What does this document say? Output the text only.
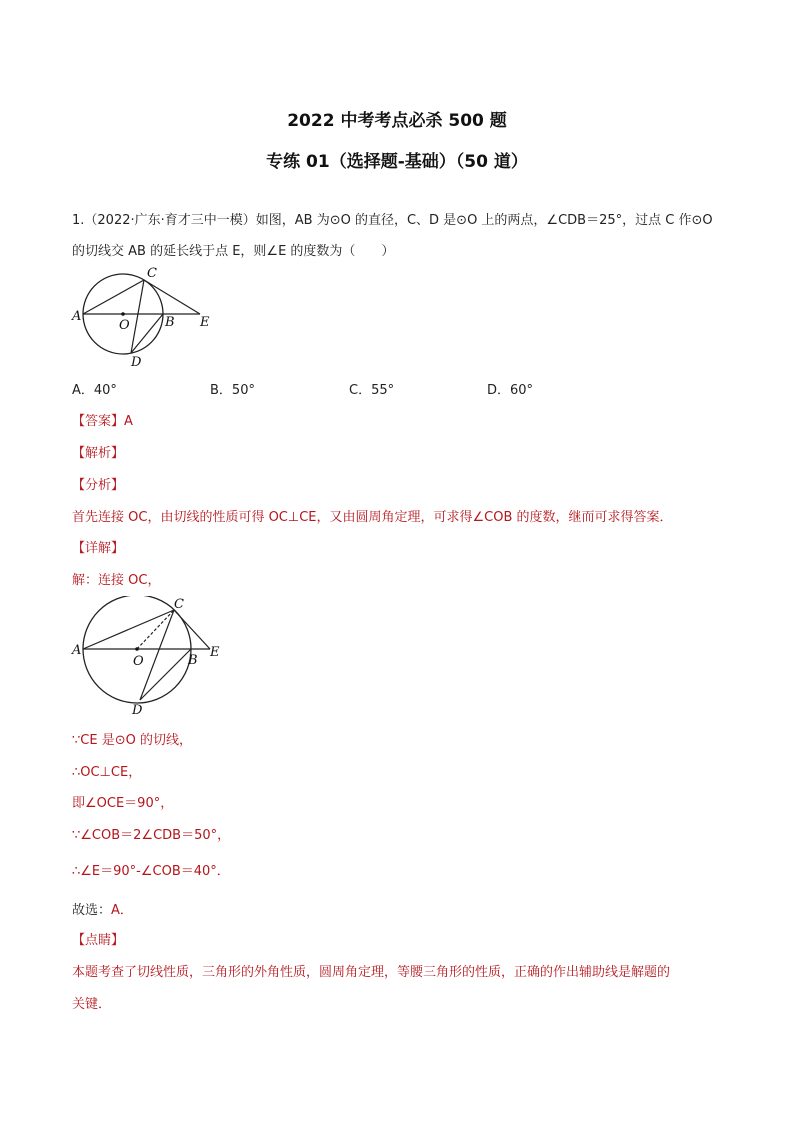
2022 中考考点必杀 500 题
专练 01（选择题-基础）（50 道）
1.（2022·广东·育才三中一模）如图，AB 为⊙O 的直径，C、D 是⊙O 上的两点，∠CDB＝25°，过点 C 作⊙O
的切线交 AB 的延长线于点 E，则∠E 的度数为（　　）
A
O	B E
C
D
A．40°	B．50°	C．55°	D．60°
【答案】A
【解析】
【分析】
首先连接 OC，由切线的性质可得 OC⊥CE，又由圆周角定理，可求得∠COB 的度数，继而可求得答案．
【详解】
解：连接 OC，
A
O	B
E
C
D
∵CE 是⊙O 的切线，
∴OC⊥CE，
即∠OCE＝90°，
∵∠COB＝2∠CDB＝50°，
∴∠E＝90°-∠COB＝40°．
故选：A．
【点睛】
本题考查了切线性质，三角形的外角性质，圆周角定理，等腰三角形的性质，正确的作出辅助线是解题的
关键．
